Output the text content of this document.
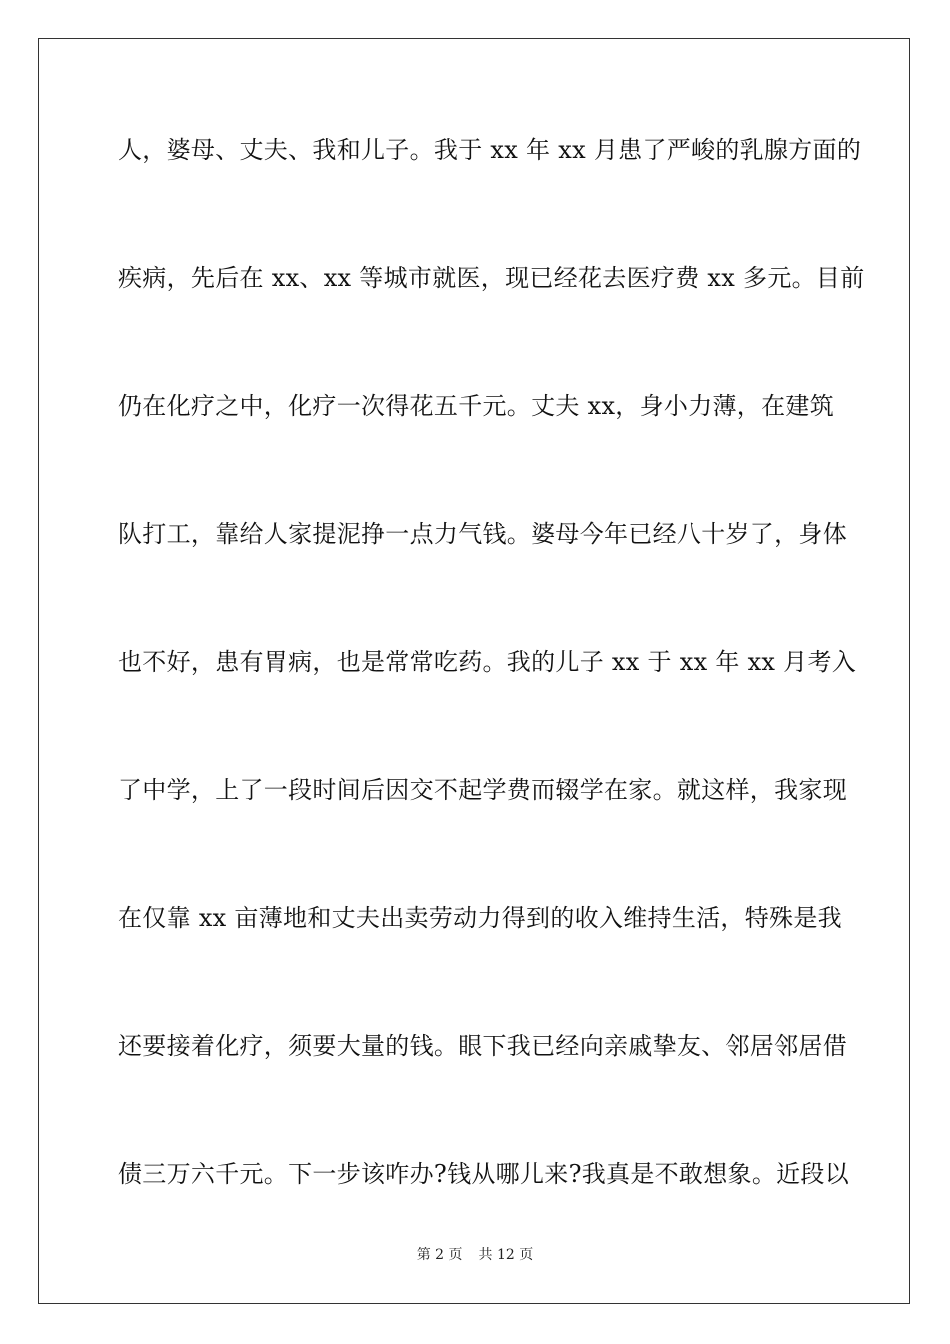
人，婆母、丈夫、我和儿子。我于 xx 年 xx 月患了严峻的乳腺方面的
疾病，先后在 xx、xx 等城市就医，现已经花去医疗费 xx 多元。目前
仍在化疗之中，化疗一次得花五千元。丈夫 xx，身小力薄，在建筑
队打工，靠给人家提泥挣一点力气钱。婆母今年已经八十岁了，身体
也不好，患有胃病，也是常常吃药。我的儿子 xx 于 xx 年 xx 月考入
了中学，上了一段时间后因交不起学费而辍学在家。就这样，我家现
在仅靠 xx 亩薄地和丈夫出卖劳动力得到的收入维持生活，特殊是我
还要接着化疗，须要大量的钱。眼下我已经向亲戚挚友、邻居邻居借
债三万六千元。下一步该咋办?钱从哪儿来?我真是不敢想象。近段以
第 2 页 共 12 页
